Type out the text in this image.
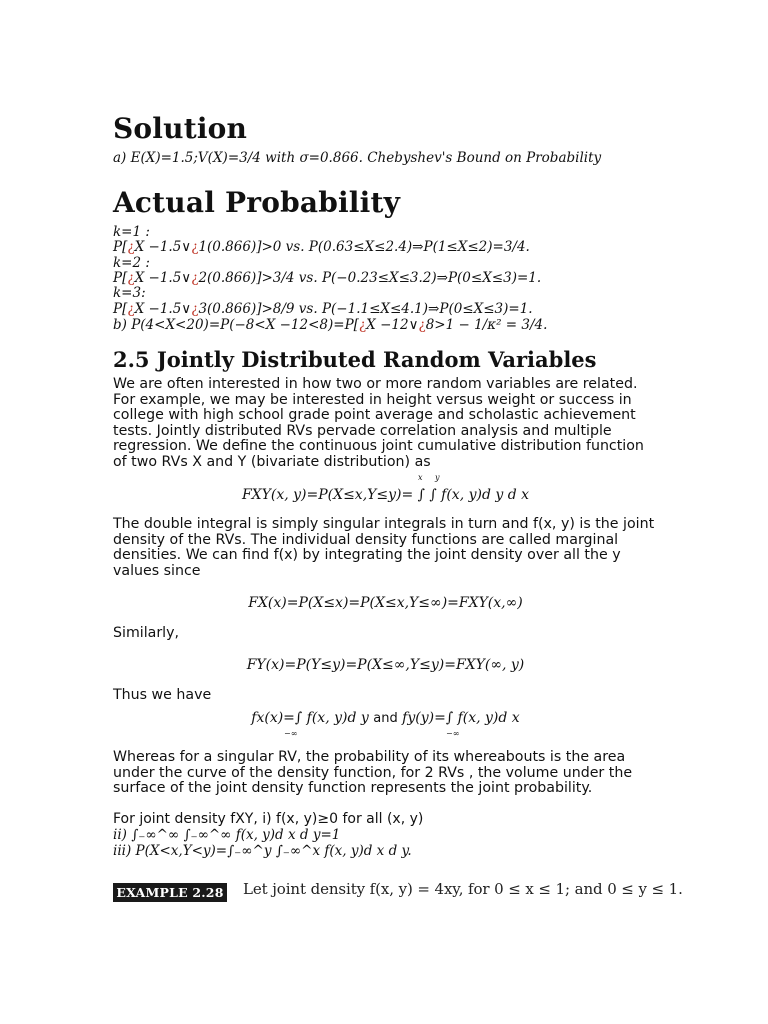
Solution
a) E(X)=1.5;V(X)=3/4 with σ=0.866. Chebyshev's Bound on Probability
Actual Probability
k=1 :
P[¿X −1.5∨¿1(0.866)]>0 vs. P(0.63≤X≤2.4)⇒P(1≤X≤2)=3/4.
k=2 :
P[¿X −1.5∨¿2(0.866)]>3/4 vs. P(−0.23≤X≤3.2)⇒P(0≤X≤3)=1.
k=3:
P[¿X −1.5∨¿3(0.866)]>8/9 vs. P(−1.1≤X≤4.1)⇒P(0≤X≤3)=1.
b) P(4<X<20)=P(−8<X −12<8)=P[¿X −12∨¿8>1 − 1/κ² = 3/4.
2.5 Jointly Distributed Random Variables
We are often interested in how two or more random variables are related. For example, we may be interested in height versus weight or success in college with high school grade point average and scholastic achievement tests. Jointly distributed RVs pervade correlation analysis and multiple regression. We define the continuous joint cumulative distribution function of two RVs X and Y (bivariate distribution) as
x y
FXY(x, y)=P(X≤x,Y≤y)= ∫ ∫ f(x, y)d y d x
The double integral is simply singular integrals in turn and f(x, y) is the joint density of the RVs. The individual density functions are called marginal densities. We can find f(x) by integrating the joint density over all the y values since
FX(x)=P(X≤x)=P(X≤x,Y≤∞)=FXY(x,∞)
Similarly,
FY(x)=P(Y≤y)=P(X≤∞,Y≤y)=FXY(∞, y)
Thus we have
fx(x)=∫ f(x, y)d y and fy(y)=∫ f(x, y)d x
−∞	−∞
Whereas for a singular RV, the probability of its whereabouts is the area under the curve of the density function, for 2 RVs , the volume under the surface of the joint density function represents the joint probability.
For joint density fXY, i) f(x, y)≥0 for all (x, y)
ii) ∫₋∞^∞ ∫₋∞^∞ f(x, y)d x d y=1
iii) P(X<x,Y<y)=∫₋∞^y ∫₋∞^x f(x, y)d x d y.
EXAMPLE 2.28 Let joint density f(x, y) = 4xy, for 0 ≤ x ≤ 1; and 0 ≤ y ≤ 1.
